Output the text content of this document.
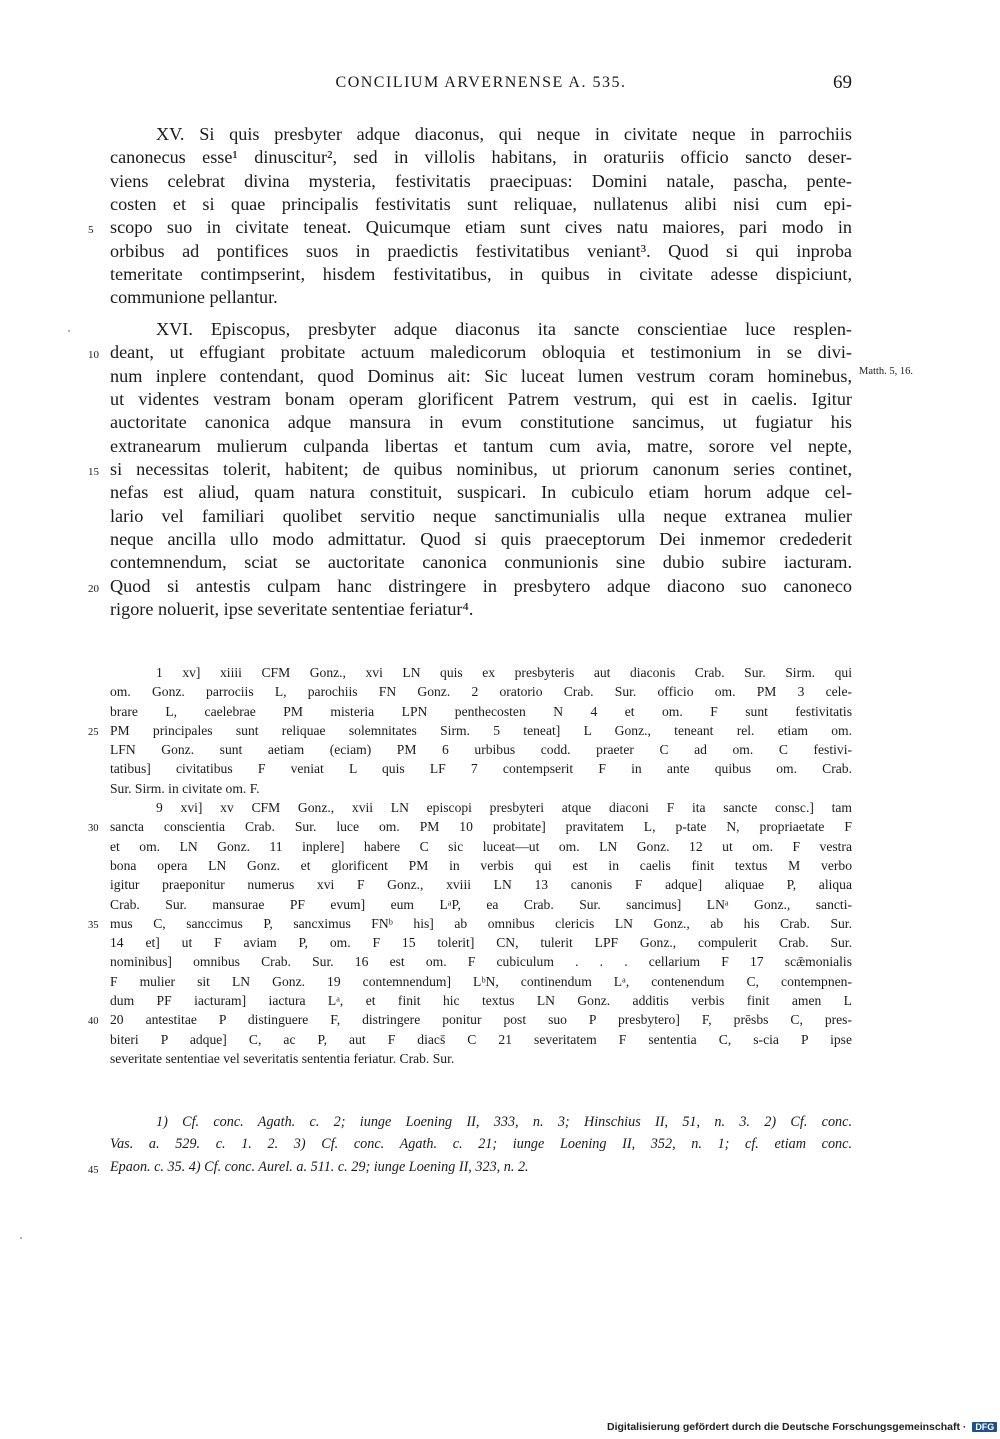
CONCILIUM ARVERNENSE A. 535.	69
XV. Si quis presbyter adque diaconus, qui neque in civitate neque in parrochiis
canonecus esse¹ dinuscitur², sed in villolis habitans, in oraturiis officio sancto deser-
viens celebrat divina mysteria, festivitatis praecipuas: Domini natale, pascha, pente-
costen et si quae principalis festivitatis sunt reliquae, nullatenus alibi nisi cum epi-
5 scopo suo in civitate teneat. Quicumque etiam sunt cives natu maiores, pari modo in
orbibus ad pontifices suos in praedictis festivitatibus veniant³. Quod si qui inproba
temeritate contimpserint, hisdem festivitatibus, in quibus in civitate adesse dispiciunt,
communione pellantur.
XVI. Episcopus, presbyter adque diaconus ita sancte conscientiae luce resplen-
10 deant, ut effugiant probitate actuum maledicorum obloquia et testimonium in se divi-
num inplere contendant, quod Dominus ait: Sic luceat lumen vestrum coram hominebus,
ut videntes vestram bonam operam glorificent Patrem vestrum, qui est in caelis. Igitur
auctoritate canonica adque mansura in evum constitutione sancimus, ut fugiatur his
extranearum mulierum culpanda libertas et tantum cum avia, matre, sorore vel nepte,
15 si necessitas tolerit, habitent; de quibus nominibus, ut priorum canonum series continet,
nefas est aliud, quam natura constituit, suspicari. In cubiculo etiam horum adque cel-
lario vel familiari quolibet servitio neque sanctimunialis ulla neque extranea mulier
neque ancilla ullo modo admittatur. Quod si quis praeceptorum Dei inmemor credederit
contemnendum, sciat se auctoritate canonica conmunionis sine dubio subire iacturam.
20 Quod si antestis culpam hanc distringere in presbytero adque diacono suo canoneco
rigore noluerit, ipse severitate sententiae feriatur⁴.
Matth. 5, 16.
1 xv] xiiii CFM Gonz., xvi LN quis ex presbyteris aut diaconis Crab. Sur. Sirm. qui
om. Gonz. parrociis L, parochiis FN Gonz. 2 oratorio Crab. Sur. officio om. PM 3 cele-
brare L, caelebrae PM misteria LPN penthecosten N 4 et om. F sunt festivitatis
25 PM principales sunt reliquae solemnitates Sirm. 5 teneat] L Gonz., teneant rel. etiam om.
LFN Gonz. sunt aetiam (eciam) PM 6 urbibus codd. praeter C ad om. C festivi-
tatibus] civitatibus F veniat L quis LF 7 contempserit F in ante quibus om. Crab.
Sur. Sirm. in civitate om. F.
9 xvi] xv CFM Gonz., xvii LN episcopi presbyteri atque diaconi F ita sancte consc.] tam
30 sancta conscientia Crab. Sur. luce om. PM 10 probitate] pravitatem L, p-tate N, propriaetate F
et om. LN Gonz. 11 inplere] habere C sic luceat—ut om. LN Gonz. 12 ut om. F vestra
bona opera LN Gonz. et glorificent PM in verbis qui est in caelis finit textus M verbo
igitur praeponitur numerus xvi F Gonz., xviii LN 13 canonis F adque] aliquae P, aliqua
Crab. Sur. mansurae PF evum] eum LᵃP, ea Crab. Sur. sancimus] LNᵃ Gonz., sancti-
35 mus C, sanccimus P, sancximus FNᵇ his] ab omnibus clericis LN Gonz., ab his Crab. Sur.
14 et] ut F aviam P, om. F 15 tolerit] CN, tulerit LPF Gonz., compulerit Crab. Sur.
nominibus] omnibus Crab. Sur. 16 est om. F cubiculum . . . cellarium F 17 scǣmonialis
F mulier sit LN Gonz. 19 contemnendum] LᵇN, continendum Lᵃ, contenendum C, contempnen-
dum PF iacturam] iactura Lᵃ, et finit hic textus LN Gonz. additis verbis finit amen L
40 20 antestitae P distinguere F, distringere ponitur post suo P presbytero] F, prēsbs C, pres-
biteri P adque] C, ac P, aut F diacs̄ C 21 severitatem F sententia C, s-cia P ipse
severitate sententiae vel severitatis sententia feriatur. Crab. Sur.
1) Cf. conc. Agath. c. 2; iunge Loening II, 333, n. 3; Hinschius II, 51, n. 3. 2) Cf. conc.
Vas. a. 529. c. 1. 2. 3) Cf. conc. Agath. c. 21; iunge Loening II, 352, n. 1; cf. etiam conc.
45 Epaon. c. 35. 4) Cf. conc. Aurel. a. 511. c. 29; iunge Loening II, 323, n. 2.
Digitalisierung gefördert durch die Deutsche Forschungsgemeinschaft · DFG
